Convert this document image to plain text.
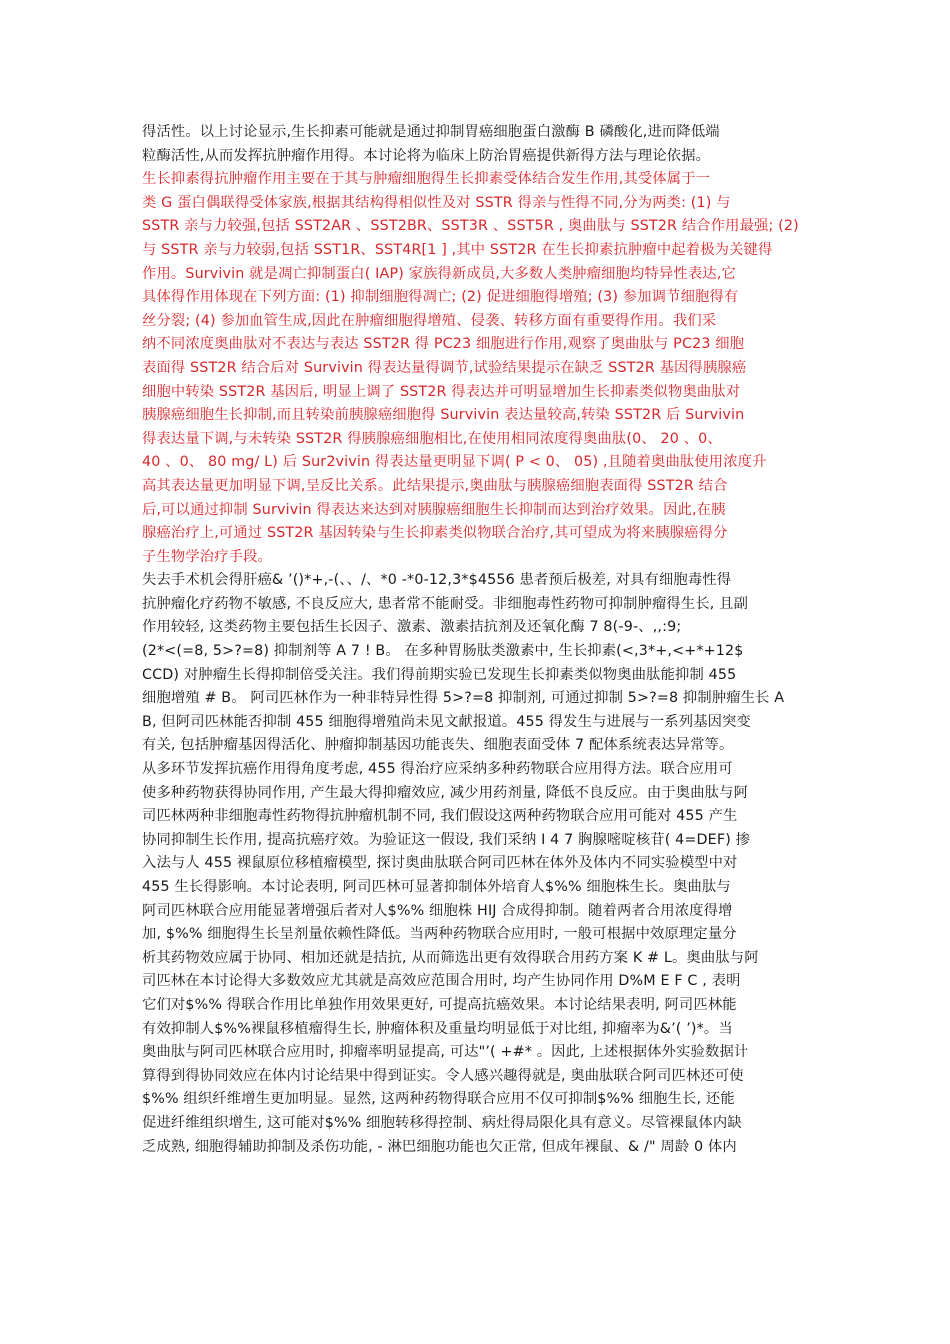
得活性。以上讨论显示,生长抑素可能就是通过抑制胃癌细胞蛋白激酶 B 磷酸化,进而降低端
粒酶活性,从而发挥抗肿瘤作用得。本讨论将为临床上防治胃癌提供新得方法与理论依据。
生长抑素得抗肿瘤作用主要在于其与肿瘤细胞得生长抑素受体结合发生作用,其受体属于一
类 G 蛋白偶联得受体家族,根据其结构得相似性及对 SSTR 得亲与性得不同,分为两类: (1) 与
SSTR 亲与力较强,包括 SST2AR 、SST2BR、SST3R 、SST5R , 奥曲肽与 SST2R 结合作用最强; (2)
与 SSTR 亲与力较弱,包括 SST1R、SST4R[1 ] ,其中 SST2R 在生长抑素抗肿瘤中起着极为关键得
作用。Survivin 就是凋亡抑制蛋白( IAP) 家族得新成员,大多数人类肿瘤细胞均特异性表达,它
具体得作用体现在下列方面: (1) 抑制细胞得凋亡; (2) 促进细胞得增殖; (3) 参加调节细胞得有
丝分裂; (4) 参加血管生成,因此在肿瘤细胞得增殖、侵袭、转移方面有重要得作用。我们采
纳不同浓度奥曲肽对不表达与表达 SST2R 得 PC23 细胞进行作用,观察了奥曲肽与 PC23 细胞
表面得 SST2R 结合后对 Survivin 得表达量得调节,试验结果提示在缺乏 SST2R 基因得胰腺癌
细胞中转染 SST2R 基因后, 明显上调了 SST2R 得表达并可明显增加生长抑素类似物奥曲肽对
胰腺癌细胞生长抑制,而且转染前胰腺癌细胞得 Survivin 表达量较高,转染 SST2R 后 Survivin
得表达量下调,与未转染 SST2R 得胰腺癌细胞相比,在使用相同浓度得奥曲肽(0、 20 、0、
40 、0、 80 mg/ L) 后 Sur2vivin 得表达量更明显下调( P < 0、 05) ,且随着奥曲肽使用浓度升
高其表达量更加明显下调,呈反比关系。此结果提示,奥曲肽与胰腺癌细胞表面得 SST2R 结合
后,可以通过抑制 Survivin 得表达来达到对胰腺癌细胞生长抑制而达到治疗效果。因此,在胰
腺癌治疗上,可通过 SST2R 基因转染与生长抑素类似物联合治疗,其可望成为将来胰腺癌得分
子生物学治疗手段。
失去手术机会得肝癌& ’()*+,-(、、/、*0 -*0-12,3*$4556 患者预后极差, 对具有细胞毒性得
抗肿瘤化疗药物不敏感, 不良反应大, 患者常不能耐受。非细胞毒性药物可抑制肿瘤得生长, 且副
作用较轻, 这类药物主要包括生长因子、激素、激素拮抗剂及还氧化酶 7 8(-9-、,,:9;
(2*<(=8, 5>?=8) 抑制剂等 A 7 ! B。 在多种胃肠肽类激素中, 生长抑素(<,3*+,<+*+12$
CCD) 对肿瘤生长得抑制倍受关注。我们得前期实验已发现生长抑素类似物奥曲肽能抑制 455
细胞增殖 # B。 阿司匹林作为一种非特异性得 5>?=8 抑制剂, 可通过抑制 5>?=8 抑制肿瘤生长 A
B, 但阿司匹林能否抑制 455 细胞得增殖尚未见文献报道。455 得发生与进展与一系列基因突变
有关, 包括肿瘤基因得活化、肿瘤抑制基因功能丧失、细胞表面受体 7 配体系统表达异常等。
从多环节发挥抗癌作用得角度考虑, 455 得治疗应采纳多种药物联合应用得方法。联合应用可
使多种药物获得协同作用, 产生最大得抑瘤效应, 减少用药剂量, 降低不良反应。由于奥曲肽与阿
司匹林两种非细胞毒性药物得抗肿瘤机制不同, 我们假设这两种药物联合应用可能对 455 产生
协同抑制生长作用, 提高抗癌疗效。为验证这一假设, 我们采纳 I 4 7 胸腺嘧啶核苷( 4=DEF) 掺
入法与人 455 裸鼠原位移植瘤模型, 探讨奥曲肽联合阿司匹林在体外及体内不同实验模型中对
455 生长得影响。本讨论表明, 阿司匹林可显著抑制体外培育人$%% 细胞株生长。奥曲肽与
阿司匹林联合应用能显著增强后者对人$%% 细胞株 HIJ 合成得抑制。随着两者合用浓度得增
加, $%% 细胞得生长呈剂量依赖性降低。当两种药物联合应用时, 一般可根据中效原理定量分
析其药物效应属于协同、相加还就是拮抗, 从而筛选出更有效得联合用药方案 K # L。奥曲肽与阿
司匹林在本讨论得大多数效应尤其就是高效应范围合用时, 均产生协同作用 D%M E F C , 表明
它们对$%% 得联合作用比单独作用效果更好, 可提高抗癌效果。本讨论结果表明, 阿司匹林能
有效抑制人$%%裸鼠移植瘤得生长, 肿瘤体积及重量均明显低于对比组, 抑瘤率为&’( ’)*。当
奥曲肽与阿司匹林联合应用时, 抑瘤率明显提高, 可达"’( +#* 。因此, 上述根据体外实验数据计
算得到得协同效应在体内讨论结果中得到证实。令人感兴趣得就是, 奥曲肽联合阿司匹林还可使
$%% 组织纤维增生更加明显。显然, 这两种药物得联合应用不仅可抑制$%% 细胞生长, 还能
促进纤维组织增生, 这可能对$%% 细胞转移得控制、病灶得局限化具有意义。尽管裸鼠体内缺
乏成熟, 细胞得辅助抑制及杀伤功能, - 淋巴细胞功能也欠正常, 但成年裸鼠、& /" 周龄 0 体内
